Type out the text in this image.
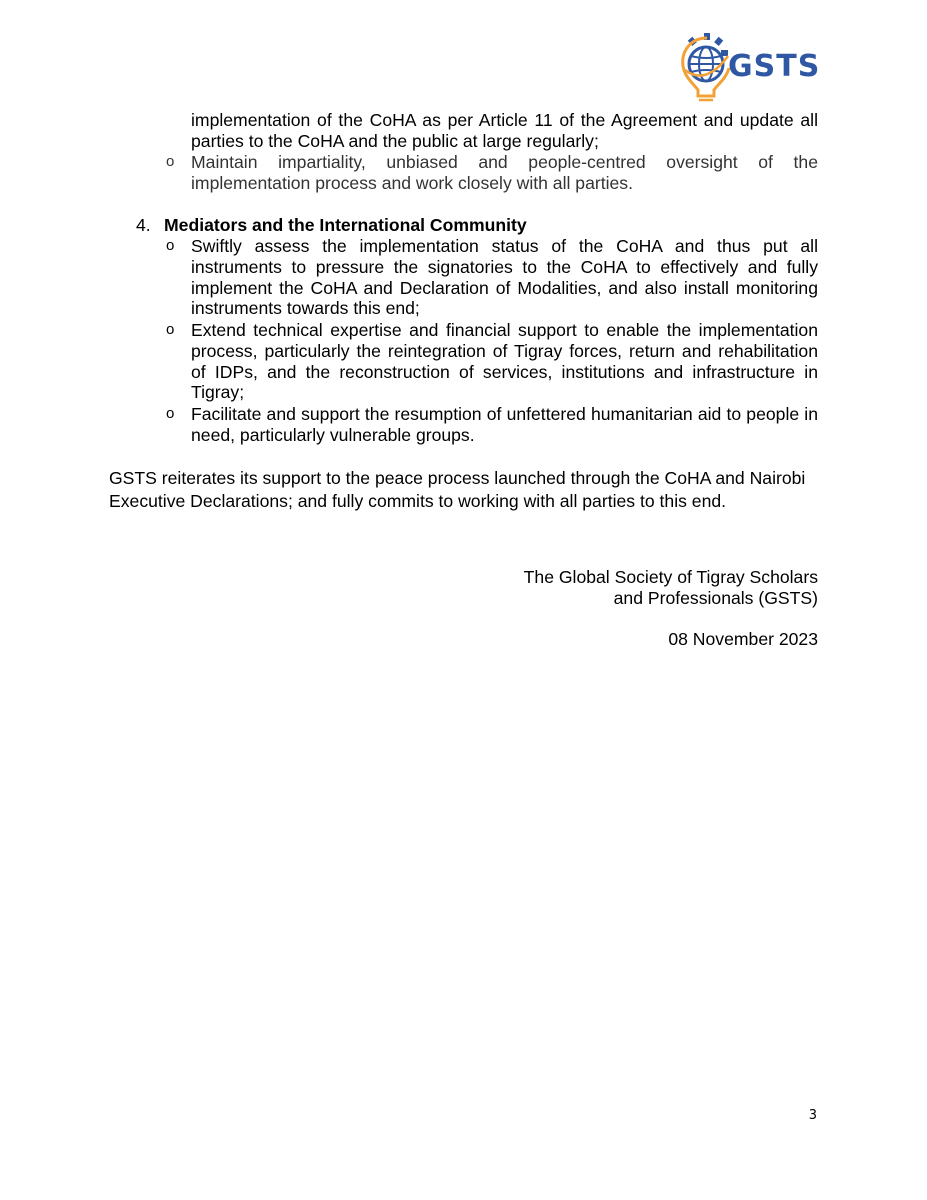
GSTS
implementation of the CoHA as per Article 11 of the Agreement and update all parties to the CoHA and the public at large regularly;
o Maintain impartiality, unbiased and people-centred oversight of the implementation process and work closely with all parties.
4. Mediators and the International Community
o Swiftly assess the implementation status of the CoHA and thus put all instruments to pressure the signatories to the CoHA to effectively and fully implement the CoHA and Declaration of Modalities, and also install monitoring instruments towards this end;
o Extend technical expertise and financial support to enable the implementation process, particularly the reintegration of Tigray forces, return and rehabilitation of IDPs, and the reconstruction of services, institutions and infrastructure in Tigray;
o Facilitate and support the resumption of unfettered humanitarian aid to people in need, particularly vulnerable groups.
GSTS reiterates its support to the peace process launched through the CoHA and Nairobi Executive Declarations; and fully commits to working with all parties to this end.
The Global Society of Tigray Scholars
and Professionals (GSTS)
08 November 2023
3
